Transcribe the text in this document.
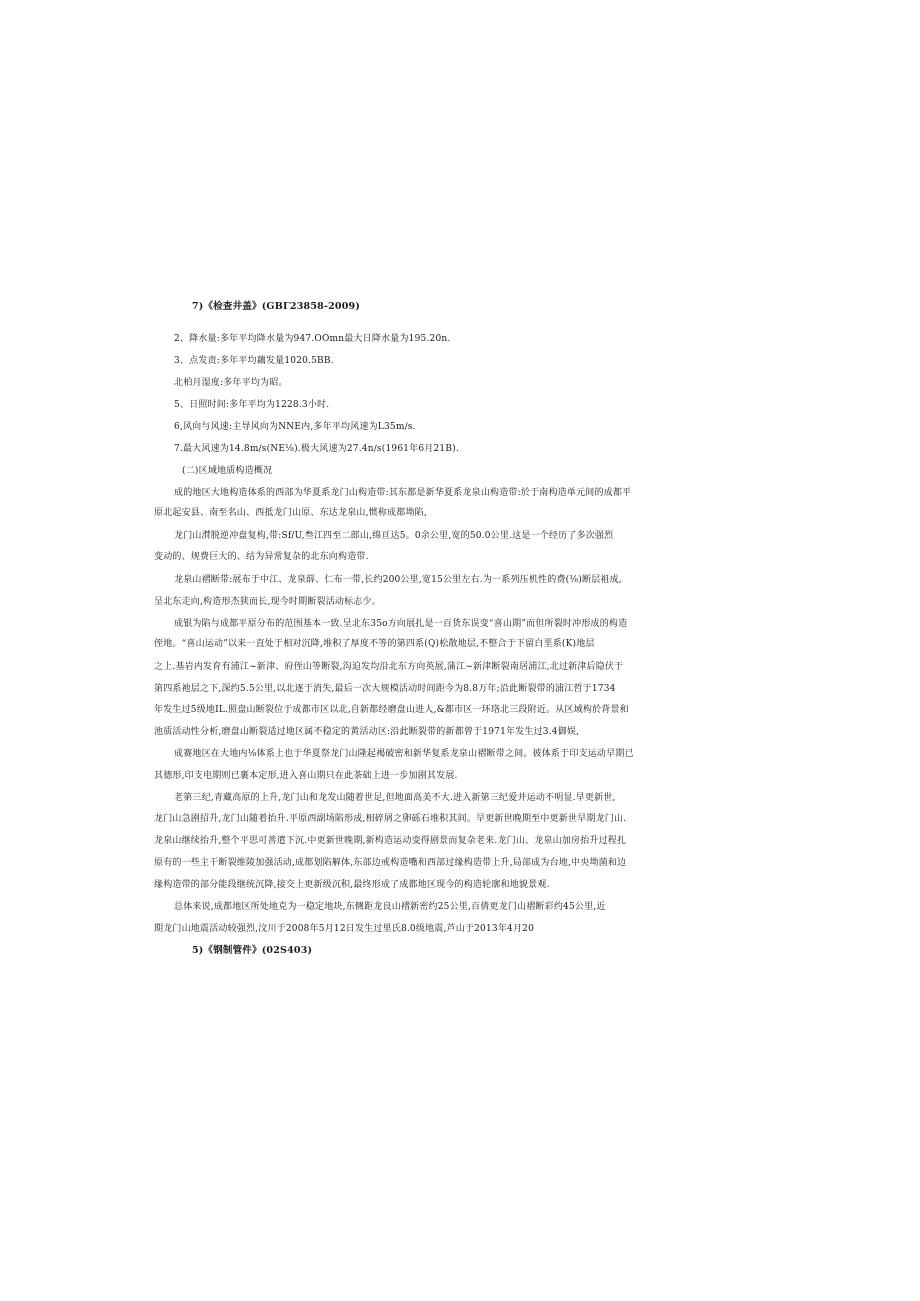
7)《检查井盖》(GBΓ23858-2009)
2、降水量:多年平均降水量为947.OOmn最大日降水量为195.20n.
3、点发责:多年平均藕发量1020.5BB.
北柏月湿度:多年平均为昭。
5、日照时间:多年平均为1228.3小时.
6,风向与风速:主导风向为NNE内,多年平均风速为L35m∕s.
7.最大风速为14.8m∕s(NE⅛).极大风速为27.4n∕s(1961年6月21B).
(二)区域地质构造概况
成的地区大地构造体系的西部为华夏系龙门山构造带:其东都是新华夏系龙泉山构造带:於于南构造单元间的成都平
原北起安县、南至名山、西抵龙门山原、东达龙泉山,惯称成都坳陷,
龙门山潸脱逆冲盘复构,带:Sf/U,叁江四至二郎山,绵亘达5。0余公里,宽的50.0公里.这是一个经历了多次强烈
变动的、规费巨大的、结为异常复杂的北东向构造带.
龙泉山褶断带:展布于中江、龙泉薛、仁布一带,长约200公里,宽15公里左右.为一系列压机性的费(⅛)断层祖成,
呈北东走向,构造形杰狭而长,现今时期断裂活动标志少。
成银为陷与成都平原分布的范围基本一致.呈北东35o方向展扎是一百货东误变“喜山期”而但所裂时冲形成的构造
侄地。“喜山运动”以来一直处于相对沉降,堆积了厚度不等的第四系(Q)松散地层,不整合于下留白垩系(K)地层
之上.基岩内发育有浦江~新津、府侄山等断裂,沟迫发均沿北东方向英展,蒲江~新津断裂南居浦江,北过新津后隐伏于
第四系祂层之下,深约5.5公里,以北逐于消失,最后一次大规模活动时间距今为8.8万年;沿此断裂带的浦江哲于1734
年发生过5级地IL.照盘山断裂位于成都市区以北,自新都经磨盘山进人,&都市区一环珞北三段附近。从区域构於背景和
池质活动性分析,磨盘山断裂适过地区属不稳定的黄活动区:沿此断裂带的新都曾于1971年发生过3.4御娱,
成赛地区在大地内⅛体系上也于华夏祭龙门山隆起褐破密和新华复系龙泉山褶断带之间。彼体系于印支运动早期已
其德形,印支电期则已裹本定形,进入喜山期只在此茶础上进一步加剧其发展.
老第三纪,青藏高原的上升,龙门山和龙发山随着世足,但地面高美不大.进入新第三纪爱并运动不明显.早更新世,
龙门山急剧招升,龙门山随着抬升.平原西副场陷形成,相碎屑之卵砾石堆积其间。早更新世晚期至中更新世早期龙门山.
龙泉山继续抬升,整个平思可善遣下沉.中更新世晚期,新构造运动变得剧景而复杂老来.龙门山、龙泉山加房抬升过程扎
原有的一些主干断裂维陵加强活动,成都划陷解体,东部边戒构造嘴和西部过缘构造带上升,局部成为台地,中央坳菌和边
缘构造带的部分能段继统沉降,接交上更新级沉积,最终形成了成都地区现今的构造轮廓和地貌景观.
总体来说,成都地区所处地克为一稳定地块,东侧距龙良山褶新密约25公里,百倩更龙门山褶断彩约45公里,近
期龙门山地震活动较强烈,汶川于2008年5月12日发生过里氏8.0级地震,芦山于2013年4月20
5)《钢制管件》(02S403)
